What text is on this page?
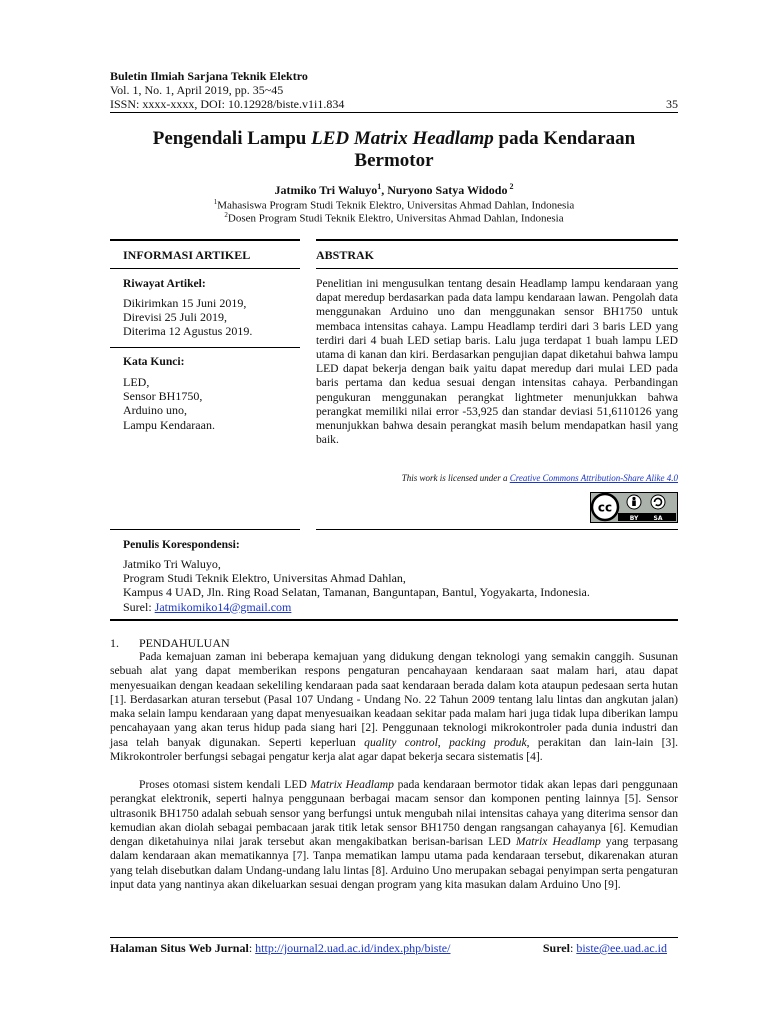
Buletin Ilmiah Sarjana Teknik Elektro
Vol. 1, No. 1, April 2019, pp. 35~45
ISSN: xxxx-xxxx, DOI: 10.12928/biste.v1i1.834	35
Pengendali Lampu LED Matrix Headlamp pada Kendaraan
Bermotor
Jatmiko Tri Waluyo$^1$, Nuryono Satya Widodo $^2$
$^1$Mahasiswa Program Studi Teknik Elektro, Universitas Ahmad Dahlan, Indonesia
$^2$Dosen Program Studi Teknik Elektro, Universitas Ahmad Dahlan, Indonesia
INFORMASI ARTIKEL	ABSTRAK
Riwayat Artikel:
Dikirimkan 15 Juni 2019,
Direvisi 25 Juli 2019,
Diterima 12 Agustus 2019.
Kata Kunci:
LED,
Sensor BH1750,
Arduino uno,
Lampu Kendaraan.
Penelitian ini mengusulkan tentang desain Headlamp lampu kendaraan yang dapat meredup berdasarkan pada data lampu kendaraan lawan. Pengolah data menggunakan Arduino uno dan menggunakan sensor BH1750 untuk membaca intensitas cahaya. Lampu Headlamp terdiri dari 3 baris LED yang terdiri dari 4 buah LED setiap baris. Lalu juga terdapat 1 buah lampu LED utama di kanan dan kiri. Berdasarkan pengujian dapat diketahui bahwa lampu LED dapat bekerja dengan baik yaitu dapat meredup dari mulai LED pada baris pertama dan kedua sesuai dengan intensitas cahaya. Perbandingan pengukuran menggunakan perangkat lightmeter menunjukkan bahwa perangkat memiliki nilai error -53,925 dan standar deviasi 51,6110126 yang menunjukkan bahwa desain perangkat masih belum mendapatkan hasil yang baik.
This work is licensed under a Creative Commons Attribution-Share Alike 4.0
cc
BY	SA
Penulis Korespondensi:
Jatmiko Tri Waluyo,
Program Studi Teknik Elektro, Universitas Ahmad Dahlan,
Kampus 4 UAD, Jln. Ring Road Selatan, Tamanan, Banguntapan, Bantul, Yogyakarta, Indonesia.
Surel: Jatmikomiko14@gmail.com
1. PENDAHULUAN
Pada kemajuan zaman ini beberapa kemajuan yang didukung dengan teknologi yang semakin canggih. Susunan sebuah alat yang dapat memberikan respons pengaturan pencahayaan kendaraan saat malam hari, atau dapat menyesuaikan dengan keadaan sekeliling kendaraan pada saat kendaraan berada dalam kota ataupun pedesaan serta hutan [1]. Berdasarkan aturan tersebut (Pasal 107 Undang - Undang No. 22 Tahun 2009 tentang lalu lintas dan angkutan jalan) maka selain lampu kendaraan yang dapat menyesuaikan keadaan sekitar pada malam hari juga tidak lupa diberikan lampu pencahayaan yang akan terus hidup pada siang hari [2]. Penggunaan teknologi mikrokontroler pada dunia industri dan jasa telah banyak digunakan. Seperti keperluan quality control, packing produk, perakitan dan lain-lain [3]. Mikrokontroler berfungsi sebagai pengatur kerja alat agar dapat bekerja secara sistematis [4].
Proses otomasi sistem kendali LED Matrix Headlamp pada kendaraan bermotor tidak akan lepas dari penggunaan perangkat elektronik, seperti halnya penggunaan berbagai macam sensor dan komponen penting lainnya [5]. Sensor ultrasonik BH1750 adalah sebuah sensor yang berfungsi untuk mengubah nilai intensitas cahaya yang diterima sensor dan kemudian akan diolah sebagai pembacaan jarak titik letak sensor BH1750 dengan rangsangan cahayanya [6]. Kemudian dengan diketahuinya nilai jarak tersebut akan mengakibatkan berisan-barisan LED Matrix Headlamp yang terpasang dalam kendaraan akan mematikannya [7]. Tanpa mematikan lampu utama pada kendaraan tersebut, dikarenakan aturan yang telah disebutkan dalam Undang-undang lalu lintas [8]. Arduino Uno merupakan sebagai penyimpan serta pengaturan input data yang nantinya akan dikeluarkan sesuai dengan program yang kita masukan dalam Arduino Uno [9].
Halaman Situs Web Jurnal: http://journal2.uad.ac.id/index.php/biste/	Surel: biste@ee.uad.ac.id
